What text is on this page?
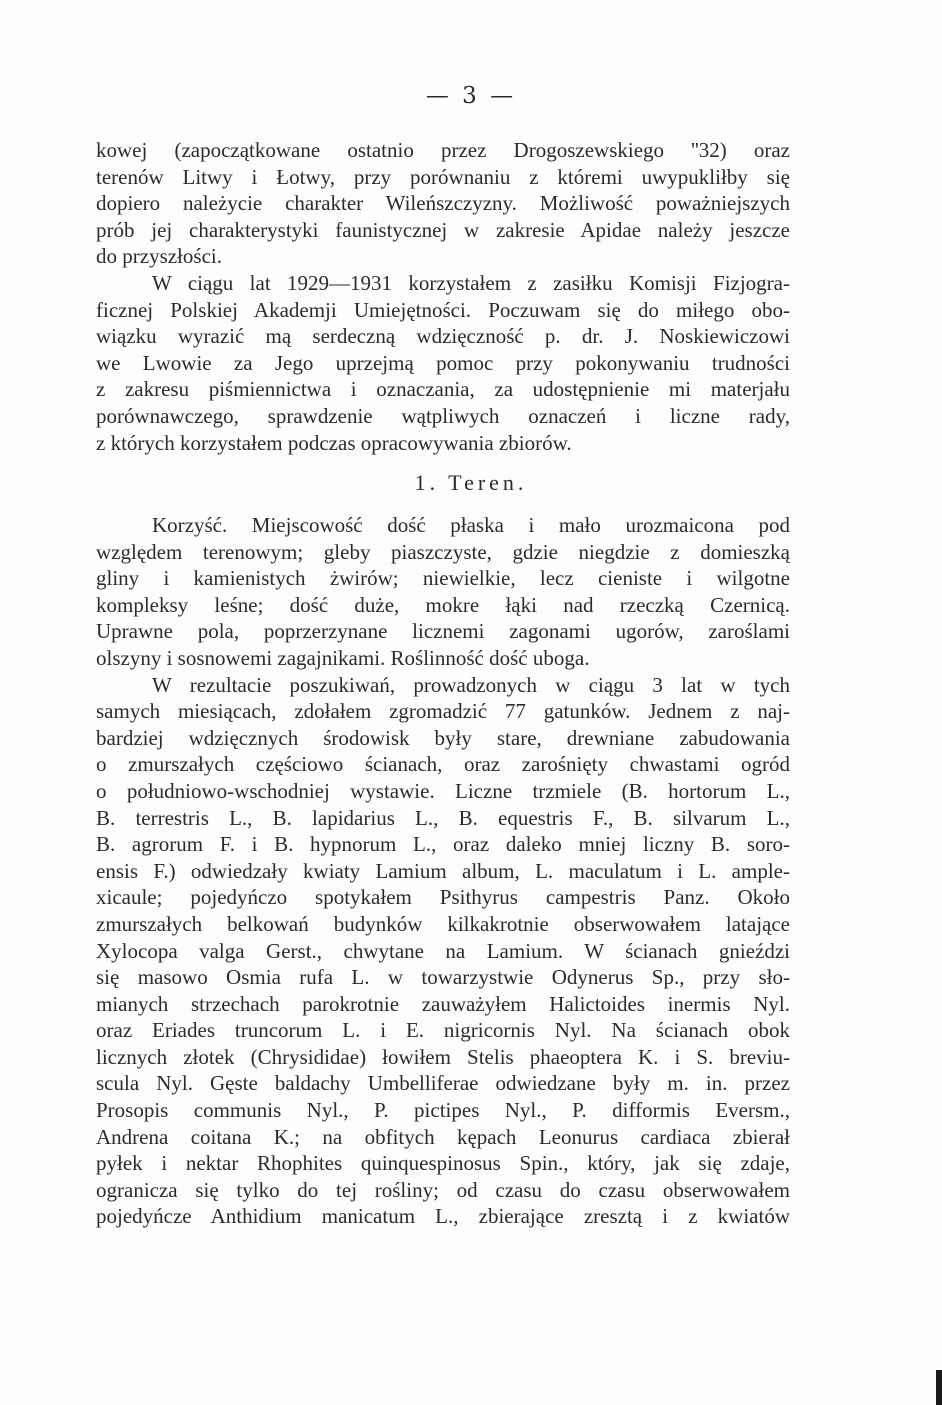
— 3 —
kowej (zapoczątkowane ostatnio przez Drogoszewskiego ''32) oraz
terenów Litwy i Łotwy, przy porównaniu z któremi uwypukliłby się
dopiero należycie charakter Wileńszczyzny. Możliwość poważniejszych
prób jej charakterystyki faunistycznej w zakresie Apidae należy jeszcze
do przyszłości.
W ciągu lat 1929—1931 korzystałem z zasiłku Komisji Fizjogra-
ficznej Polskiej Akademji Umiejętności. Poczuwam się do miłego obo-
wiązku wyrazić mą serdeczną wdzięczność p. dr. J. Noskiewiczowi
we Lwowie za Jego uprzejmą pomoc przy pokonywaniu trudności
z zakresu piśmiennictwa i oznaczania, za udostępnienie mi materjału
porównawczego, sprawdzenie wątpliwych oznaczeń i liczne rady,
z których korzystałem podczas opracowywania zbiorów.
1. Teren.
Korzyść. Miejscowość dość płaska i mało urozmaicona pod
względem terenowym; gleby piaszczyste, gdzie niegdzie z domieszką
gliny i kamienistych żwirów; niewielkie, lecz cieniste i wilgotne
kompleksy leśne; dość duże, mokre łąki nad rzeczką Czernicą.
Uprawne pola, poprzerzynane licznemi zagonami ugorów, zaroślami
olszyny i sosnowemi zagajnikami. Roślinność dość uboga.
W rezultacie poszukiwań, prowadzonych w ciągu 3 lat w tych
samych miesiącach, zdołałem zgromadzić 77 gatunków. Jednem z naj-
bardziej wdzięcznych środowisk były stare, drewniane zabudowania
o zmurszałych częściowo ścianach, oraz zarośnięty chwastami ogród
o południowo-wschodniej wystawie. Liczne trzmiele (B. hortorum L.,
B. terrestris L., B. lapidarius L., B. equestris F., B. silvarum L.,
B. agrorum F. i B. hypnorum L., oraz daleko mniej liczny B. soro-
ensis F.) odwiedzały kwiaty Lamium album, L. maculatum i L. ample-
xicaule; pojedyńczo spotykałem Psithyrus campestris Panz. Około
zmurszałych belkowań budynków kilkakrotnie obserwowałem latające
Xylocopa valga Gerst., chwytane na Lamium. W ścianach gnieździ
się masowo Osmia rufa L. w towarzystwie Odynerus Sp., przy sło-
mianych strzechach parokrotnie zauważyłem Halictoides inermis Nyl.
oraz Eriades truncorum L. i E. nigricornis Nyl. Na ścianach obok
licznych złotek (Chrysididae) łowiłem Stelis phaeoptera K. i S. breviu-
scula Nyl. Gęste baldachy Umbelliferae odwiedzane były m. in. przez
Prosopis communis Nyl., P. pictipes Nyl., P. difformis Eversm.,
Andrena coitana K.; na obfitych kępach Leonurus cardiaca zbierał
pyłek i nektar Rhophites quinquespinosus Spin., który, jak się zdaje,
ogranicza się tylko do tej rośliny; od czasu do czasu obserwowałem
pojedyńcze Anthidium manicatum L., zbierające zresztą i z kwiatów
